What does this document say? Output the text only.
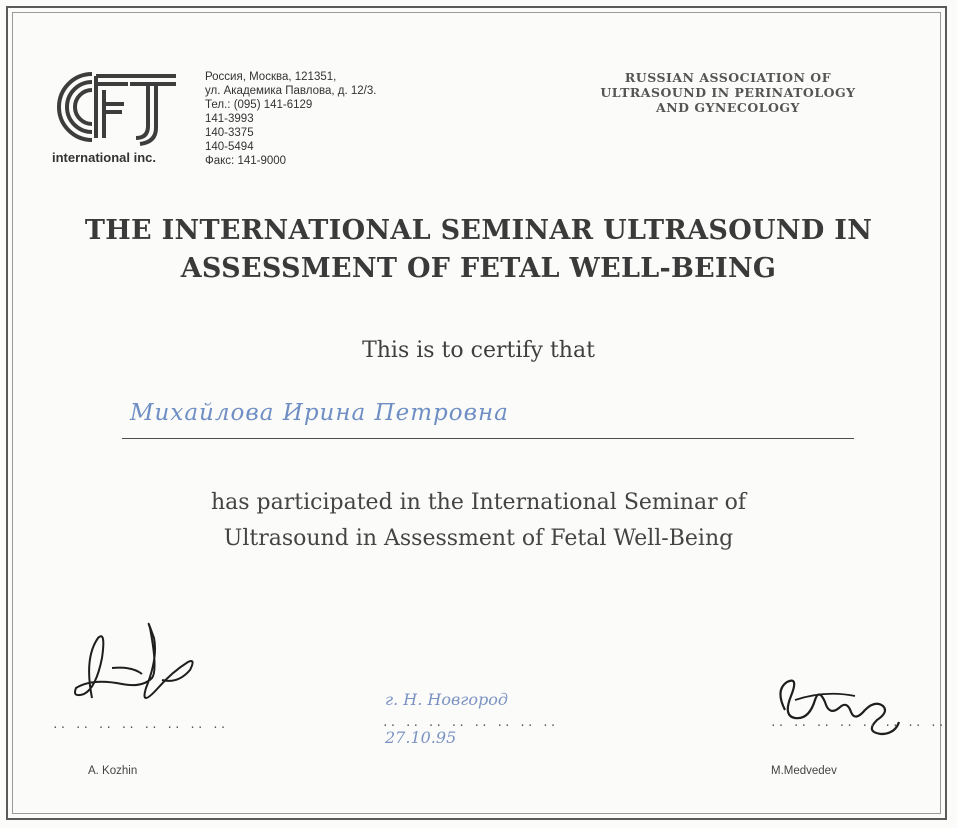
international inc.
Россия, Москва, 121351,
ул. Академика Павлова, д. 12/3.
Тел.: (095) 141-6129
141-3993
140-3375
140-5494
Факс: 141-9000
RUSSIAN ASSOCIATION OF
ULTRASOUND IN PERINATOLOGY
AND GYNECOLOGY
THE INTERNATIONAL SEMINAR ULTRASOUND IN
ASSESSMENT OF FETAL WELL-BEING
This is to certify that
Михайлова Ирина Петровна
has participated in the International Seminar of
Ultrasound in Assessment of Fetal Well-Being
.. .. .. .. .. .. .. ..
A. Kozhin
г. Н. Новгород
.. .. .. .. .. .. .. ..
27.10.95
.. .. .. .. .. .. .. ..
M.Medvedev
